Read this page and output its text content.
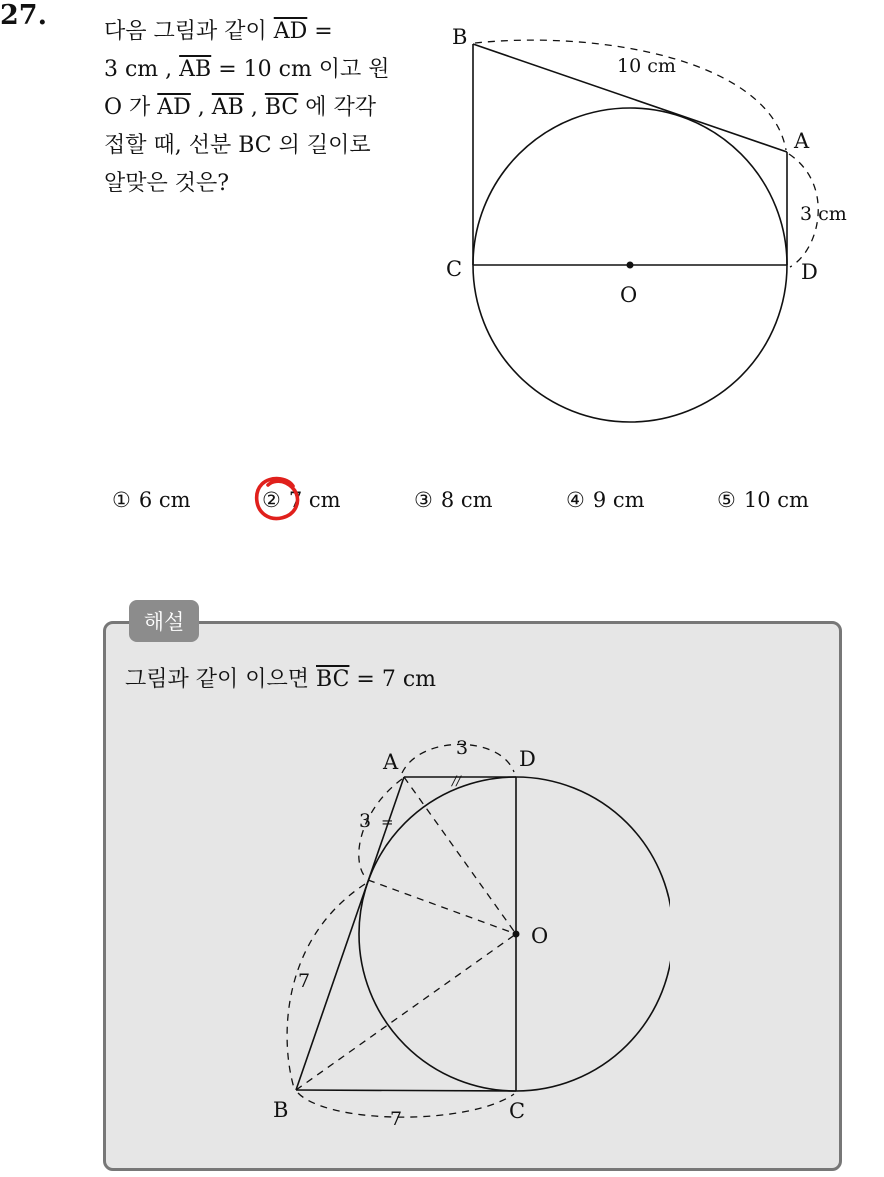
27.
다음 그림과 같이 $\overline{AD}$ =
3 cm , $\overline{AB} = 10$ cm 이고 원
O 가 $\overline{AD}$ , $\overline{AB}$ , $\overline{BC}$ 에 각각
접할 때, 선분 BC 의 길이로
알맞은 것은?
B
A
C	D
O
10 cm
3 cm
① 6 cm	② 7 cm	③ 8 cm	④ 9 cm	⑤ 10 cm
해설
그림과 같이 이으면 $\overline{BC} = 7$ cm
A	D
O
B	C
3
3
7
7
//
=
